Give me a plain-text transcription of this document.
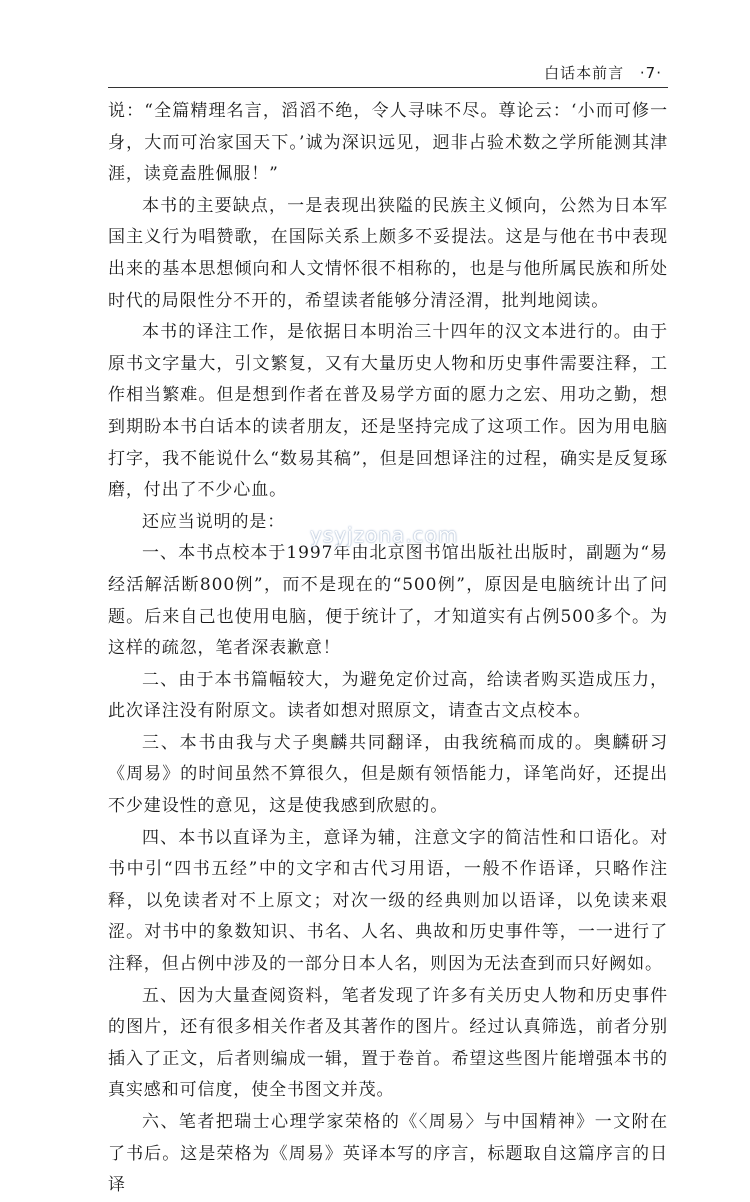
白话本前言 ·7·

说：“全篇精理名言，滔滔不绝，令人寻味不尽。尊论云：‘小而可修一身，大而可治家国天下。’诚为深识远见，迥非占验术数之学所能测其津涯，读竟盍胜佩服！”

本书的主要缺点，一是表现出狭隘的民族主义倾向，公然为日本军国主义行为唱赞歌，在国际关系上颇多不妥提法。这是与他在书中表现出来的基本思想倾向和人文情怀很不相称的，也是与他所属民族和所处时代的局限性分不开的，希望读者能够分清泾渭，批判地阅读。

本书的译注工作，是依据日本明治三十四年的汉文本进行的。由于原书文字量大，引文繁复，又有大量历史人物和历史事件需要注释，工作相当繁难。但是想到作者在普及易学方面的愿力之宏、用功之勤，想到期盼本书白话本的读者朋友，还是坚持完成了这项工作。因为用电脑打字，我不能说什么“数易其稿”，但是回想译注的过程，确实是反复琢磨，付出了不少心血。

还应当说明的是：

一、本书点校本于1997年由北京图书馆出版社出版时，副题为“易经活解活断800例”，而不是现在的“500例”，原因是电脑统计出了问题。后来自己也使用电脑，便于统计了，才知道实有占例500多个。为这样的疏忽，笔者深表歉意！

二、由于本书篇幅较大，为避免定价过高，给读者购买造成压力，此次译注没有附原文。读者如想对照原文，请查古文点校本。

三、本书由我与犬子奥麟共同翻译，由我统稿而成的。奥麟研习《周易》的时间虽然不算很久，但是颇有领悟能力，译笔尚好，还提出不少建设性的意见，这是使我感到欣慰的。

四、本书以直译为主，意译为辅，注意文字的简洁性和口语化。对书中引“四书五经”中的文字和古代习用语，一般不作语译，只略作注释，以免读者对不上原文；对次一级的经典则加以语译，以免读来艰涩。对书中的象数知识、书名、人名、典故和历史事件等，一一进行了注释，但占例中涉及的一部分日本人名，则因为无法查到而只好阙如。

五、因为大量查阅资料，笔者发现了许多有关历史人物和历史事件的图片，还有很多相关作者及其著作的图片。经过认真筛选，前者分别插入了正文，后者则编成一辑，置于卷首。希望这些图片能增强本书的真实感和可信度，使全书图文并茂。

六、笔者把瑞士心理学家荣格的《〈周易〉与中国精神》一文附在了书后。这是荣格为《周易》英译本写的序言，标题取自这篇序言的日译

ysyjzona.com
